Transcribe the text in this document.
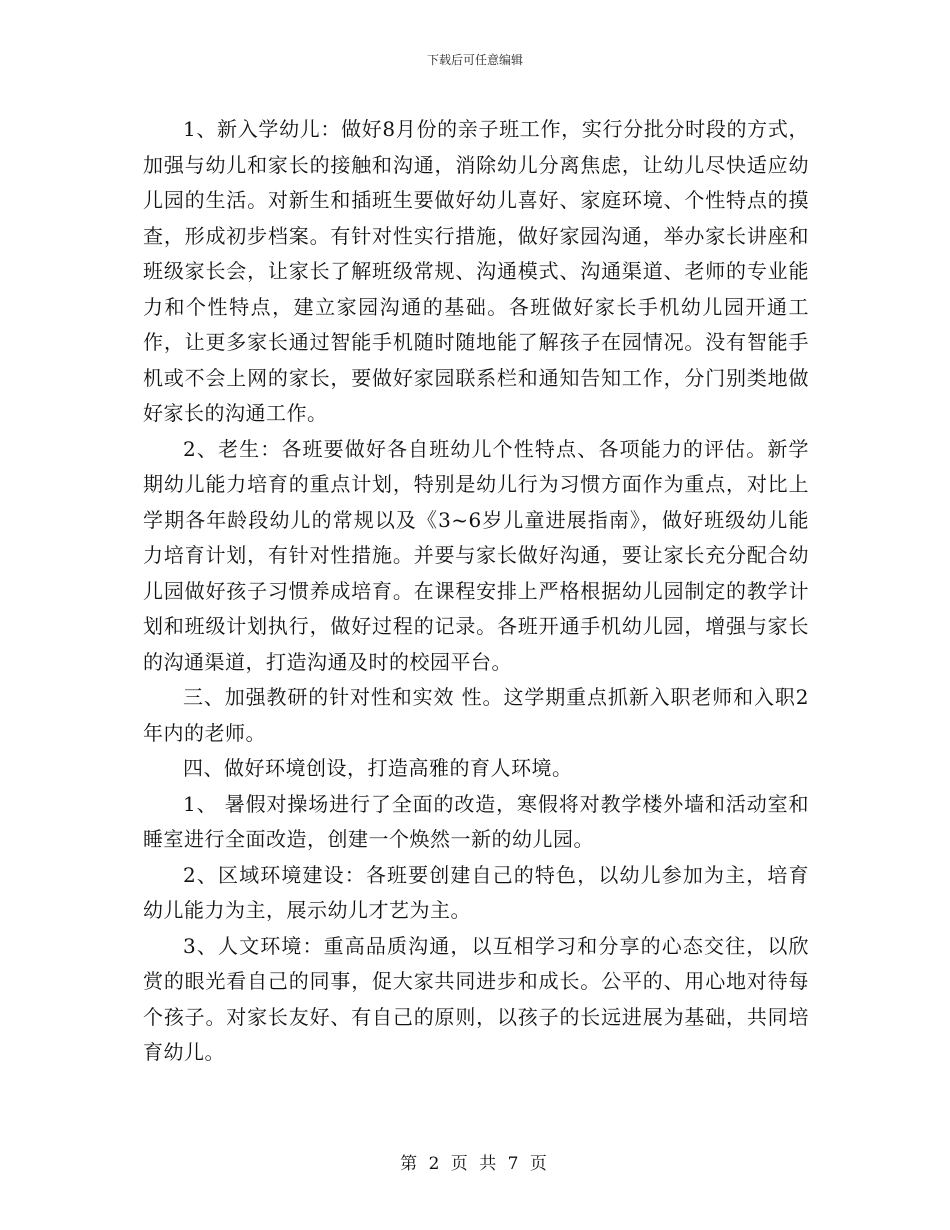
下载后可任意编辑

1、新入学幼儿：做好8月份的亲子班工作，实行分批分时段的方式，加强与幼儿和家长的接触和沟通，消除幼儿分离焦虑，让幼儿尽快适应幼儿园的生活。对新生和插班生要做好幼儿喜好、家庭环境、个性特点的摸查，形成初步档案。有针对性实行措施，做好家园沟通，举办家长讲座和班级家长会，让家长了解班级常规、沟通模式、沟通渠道、老师的专业能力和个性特点，建立家园沟通的基础。各班做好家长手机幼儿园开通工作，让更多家长通过智能手机随时随地能了解孩子在园情况。没有智能手机或不会上网的家长，要做好家园联系栏和通知告知工作，分门别类地做好家长的沟通工作。

2、老生：各班要做好各自班幼儿个性特点、各项能力的评估。新学期幼儿能力培育的重点计划，特别是幼儿行为习惯方面作为重点，对比上学期各年龄段幼儿的常规以及《3~6岁儿童进展指南》，做好班级幼儿能力培育计划，有针对性措施。并要与家长做好沟通，要让家长充分配合幼儿园做好孩子习惯养成培育。在课程安排上严格根据幼儿园制定的教学计划和班级计划执行，做好过程的记录。各班开通手机幼儿园，增强与家长的沟通渠道，打造沟通及时的校园平台。

三、加强教研的针对性和实效 性。这学期重点抓新入职老师和入职2年内的老师。

四、做好环境创设，打造高雅的育人环境。

1、 暑假对操场进行了全面的改造，寒假将对教学楼外墙和活动室和睡室进行全面改造，创建一个焕然一新的幼儿园。

2、区域环境建设：各班要创建自己的特色，以幼儿参加为主，培育幼儿能力为主，展示幼儿才艺为主。

3、人文环境：重高品质沟通，以互相学习和分享的心态交往，以欣赏的眼光看自己的同事，促大家共同进步和成长。公平的、用心地对待每个孩子。对家长友好、有自己的原则，以孩子的长远进展为基础，共同培育幼儿。

第 2 页 共 7 页
